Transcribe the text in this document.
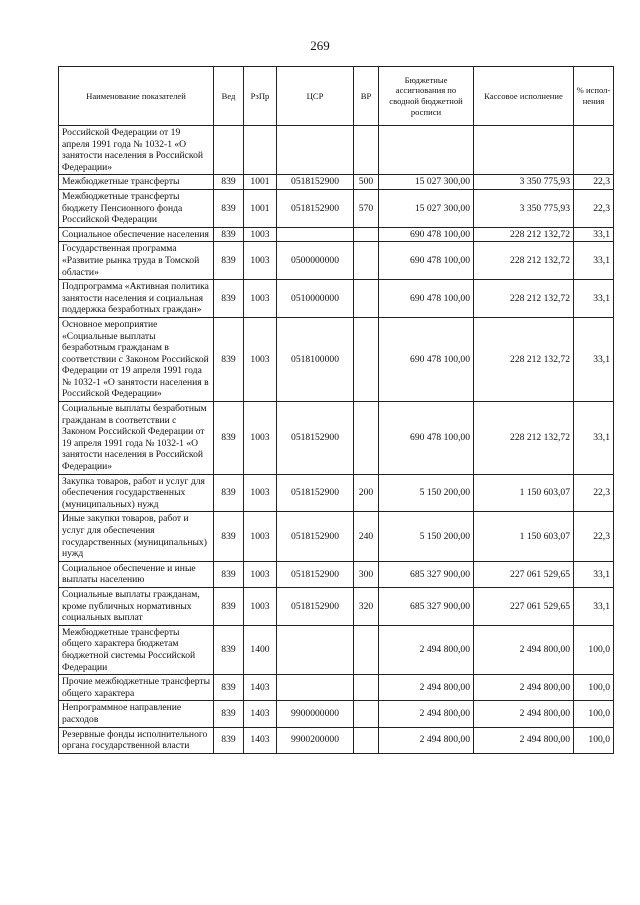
269
Наименование показателей	Вед	РзПр	ЦСР	ВР	Бюджетные ассигнования по сводной бюджетной росписи	Кассовое исполнение	% испол-нения
Российской Федерации от 19 апреля 1991 года № 1032-1 «О занятости населения в Российской Федерации»							
Межбюджетные трансферты	839	1001	0518152900	500	15 027 300,00	3 350 775,93	22,3
Межбюджетные трансферты бюджету Пенсионного фонда Российской Федерации	839	1001	0518152900	570	15 027 300,00	3 350 775,93	22,3
Социальное обеспечение населения	839	1003			690 478 100,00	228 212 132,72	33,1
Государственная программа «Развитие рынка труда в Томской области»	839	1003	0500000000		690 478 100,00	228 212 132,72	33,1
Подпрограмма «Активная политика занятости населения и социальная поддержка безработных граждан»	839	1003	0510000000		690 478 100,00	228 212 132,72	33,1
Основное мероприятие «Социальные выплаты безработным гражданам в соответствии с Законом Российской Федерации от 19 апреля 1991 года № 1032-1 «О занятости населения в Российской Федерации»	839	1003	0518100000		690 478 100,00	228 212 132,72	33,1
Социальные выплаты безработным гражданам в соответствии с Законом Российской Федерации от 19 апреля 1991 года № 1032-1 «О занятости населения в Российской Федерации»	839	1003	0518152900		690 478 100,00	228 212 132,72	33,1
Закупка товаров, работ и услуг для обеспечения государственных (муниципальных) нужд	839	1003	0518152900	200	5 150 200,00	1 150 603,07	22,3
Иные закупки товаров, работ и услуг для обеспечения государственных (муниципальных) нужд	839	1003	0518152900	240	5 150 200,00	1 150 603,07	22,3
Социальное обеспечение и иные выплаты населению	839	1003	0518152900	300	685 327 900,00	227 061 529,65	33,1
Социальные выплаты гражданам, кроме публичных нормативных социальных выплат	839	1003	0518152900	320	685 327 900,00	227 061 529,65	33,1
Межбюджетные трансферты общего характера бюджетам бюджетной системы Российской Федерации	839	1400			2 494 800,00	2 494 800,00	100,0
Прочие межбюджетные трансферты общего характера	839	1403			2 494 800,00	2 494 800,00	100,0
Непрограммное направление расходов	839	1403	9900000000		2 494 800,00	2 494 800,00	100,0
Резервные фонды исполнительного органа государственной власти	839	1403	9900200000		2 494 800,00	2 494 800,00	100,0
